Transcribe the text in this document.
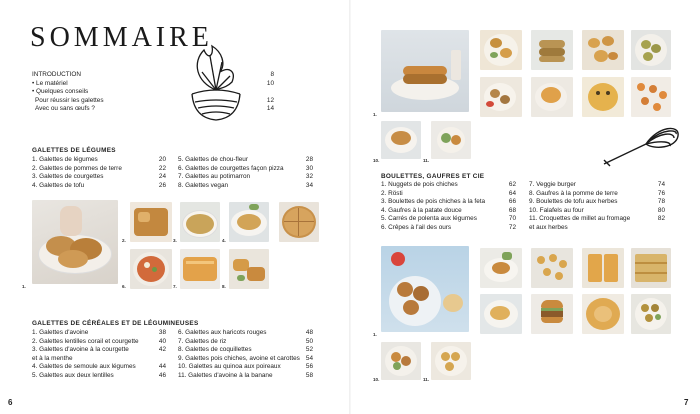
SOMMAIRE
INTRODUCTION	8
• Le matériel	10
• Quelques conseils
Pour réussir les galettes	12
Avec ou sans œufs ?	14
GALETTES DE LÉGUMES
1. Galettes de légumes	20
2. Galettes de pommes de terre	22
3. Galettes de courgettes	24
4. Galettes de tofu	26
5. Galettes de chou-fleur	28
6. Galettes de courgettes façon pizza	30
7. Galettes au potimarron	32
8. Galettes vegan	34
1.
2.	3.	4.
6.	7.	8.
GALETTES DE CÉRÉALES ET DE LÉGUMINEUSES
1. Galettes d'avoine	38
2. Galettes lentilles corail et courgette	40
3. Galettes d'avoine à la courgette	42
et à la menthe
4. Galettes de semoule aux légumes	44
5. Galettes aux deux lentilles	46
6. Galettes aux haricots rouges	48
7. Galettes de riz	50
8. Galettes de coquillettes	52
9. Galettes pois chiches, avoine et carottes 54
10. Galettes au quinoa aux poireaux	56
11. Galettes d'avoine à la banane	58
6
1.
10.	11.
BOULETTES, GAUFRES ET CIE
1. Nuggets de pois chiches	62
2. Rösti	64
3. Boulettes de pois chiches à la feta	66
4. Gaufres à la patate douce	68
5. Carrés de polenta aux légumes	70
6. Crêpes à l'ail des ours	72
7. Veggie burger	74
8. Gaufres à la pomme de terre	76
9. Boulettes de tofu aux herbes	78
10. Falafels au four	80
11. Croquettes de millet au fromage	82
et aux herbes
1.
10.	11.
7
